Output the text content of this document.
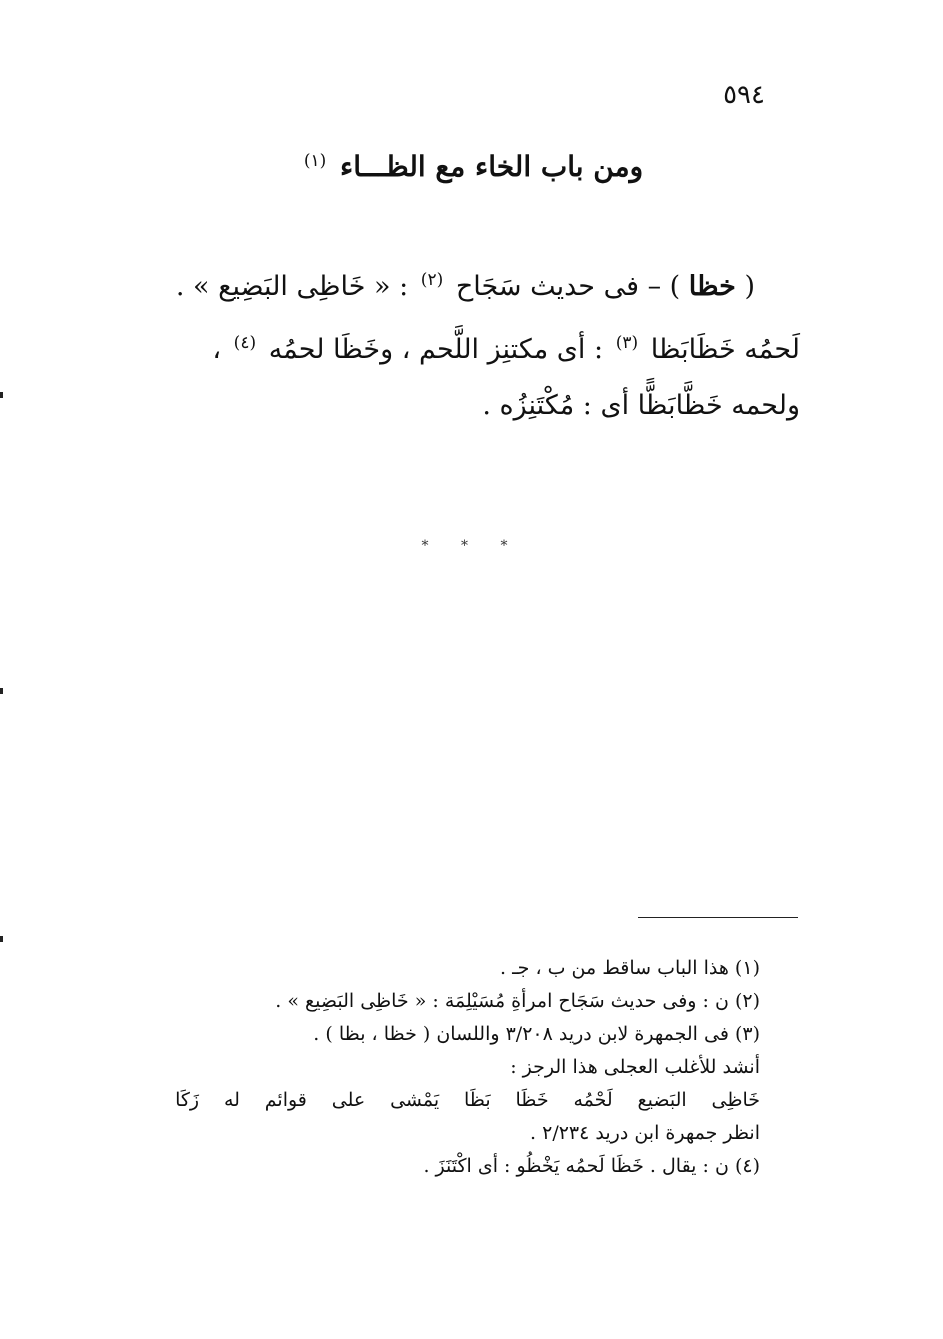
٥٩٤
ومن باب الخاء مع الظـــاء $^{(١)}$
( خظا ) – فى حديث سَجَاح $^{(٢)}$ : « خَاظِى البَضِيع » .
لَحمُه خَظَابَظا $^{(٣)}$ : أى مكتنِز اللَّحم ، وخَظَا لحمُه $^{(٤)}$ ،
ولحمه خَظَّابَظًّا أى : مُكْتَنِزُه .
* * *
(١) هذا الباب ساقط من ب ، جـ .
(٢) ن : وفى حديث سَجَاح امرأةِ مُسَيْلِمَة : « خَاظِى البَضِيع » .
(٣) فى الجمهرة لابن دريد ٣/٢٠٨ واللسان ( خظا ، بظا ) .
أنشد للأغلب العجلى هذا الرجز :
خَاظِى
البَضيع
لَحْمُه
خَظَا
بَظَا
يَمْشى
على
قوائم
له
زَكَا
انظر جمهرة ابن دريد ٢/٢٣٤ .
(٤) ن : يقال . خَظَا لَحمُه يَخْظُو : أى اكْتَنَزَ .
